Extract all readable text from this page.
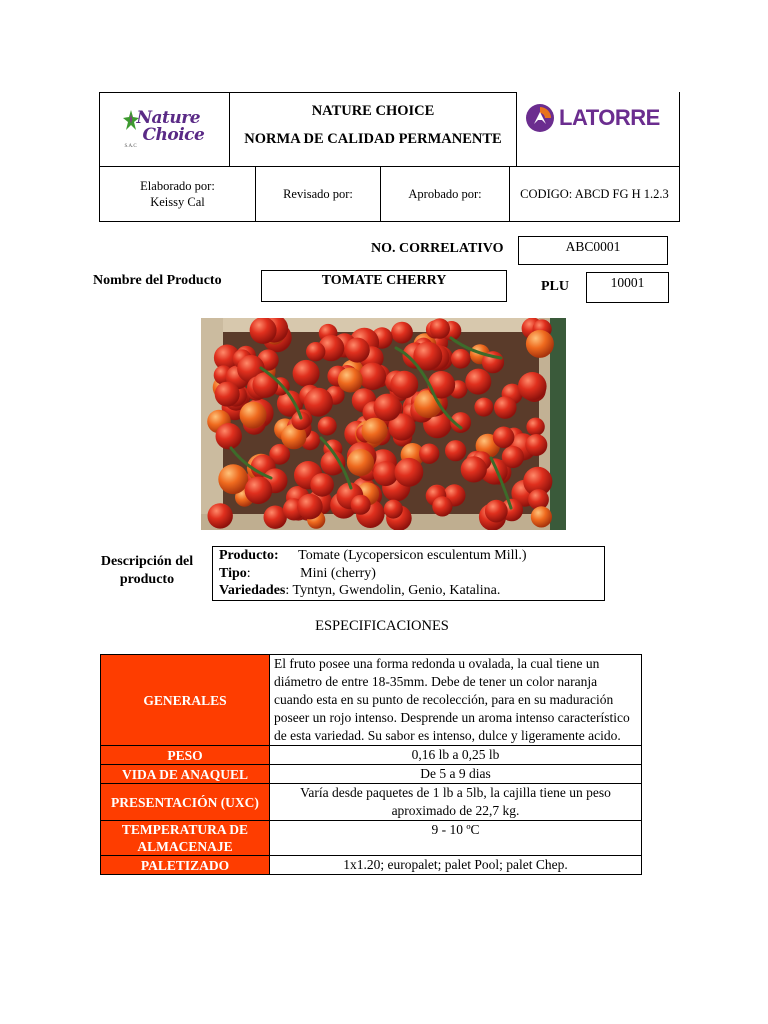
Nature
Choice
S.A.C
NATURE CHOICE
NORMA DE CALIDAD PERMANENTE
LATORRE
Elaborado por:
Keissy Cal
Revisado por:	Aprobado por:	CODIGO: ABCD FG H 1.2.3
NO. CORRELATIVO	ABC0001
Nombre del Producto	TOMATE CHERRY	PLU	10001
Descripción del
producto
Producto: Tomate (Lycopersicon esculentum Mill.)
Tipo:	Mini (cherry)
Variedades: Tyntyn, Gwendolin, Genio, Katalina.
ESPECIFICACIONES
GENERALES	El fruto posee una forma redonda u ovalada, la cual tiene un diámetro de entre 18-35mm. Debe de tener un color naranja cuando esta en su punto de recolección, para en su maduración poseer un rojo intenso. Desprende un aroma intenso característico de esta variedad. Su sabor es intenso, dulce y ligeramente acido.
PESO	0,16 lb a 0,25 lb
VIDA DE ANAQUEL	De 5 a 9 dias
PRESENTACIÓN (UXC)	Varía desde paquetes de 1 lb a 5lb, la cajilla tiene un peso aproximado de 22,7 kg.
TEMPERATURA DE ALMACENAJE	9 - 10 ºC
PALETIZADO	1x1.20; europalet; palet Pool; palet Chep.
